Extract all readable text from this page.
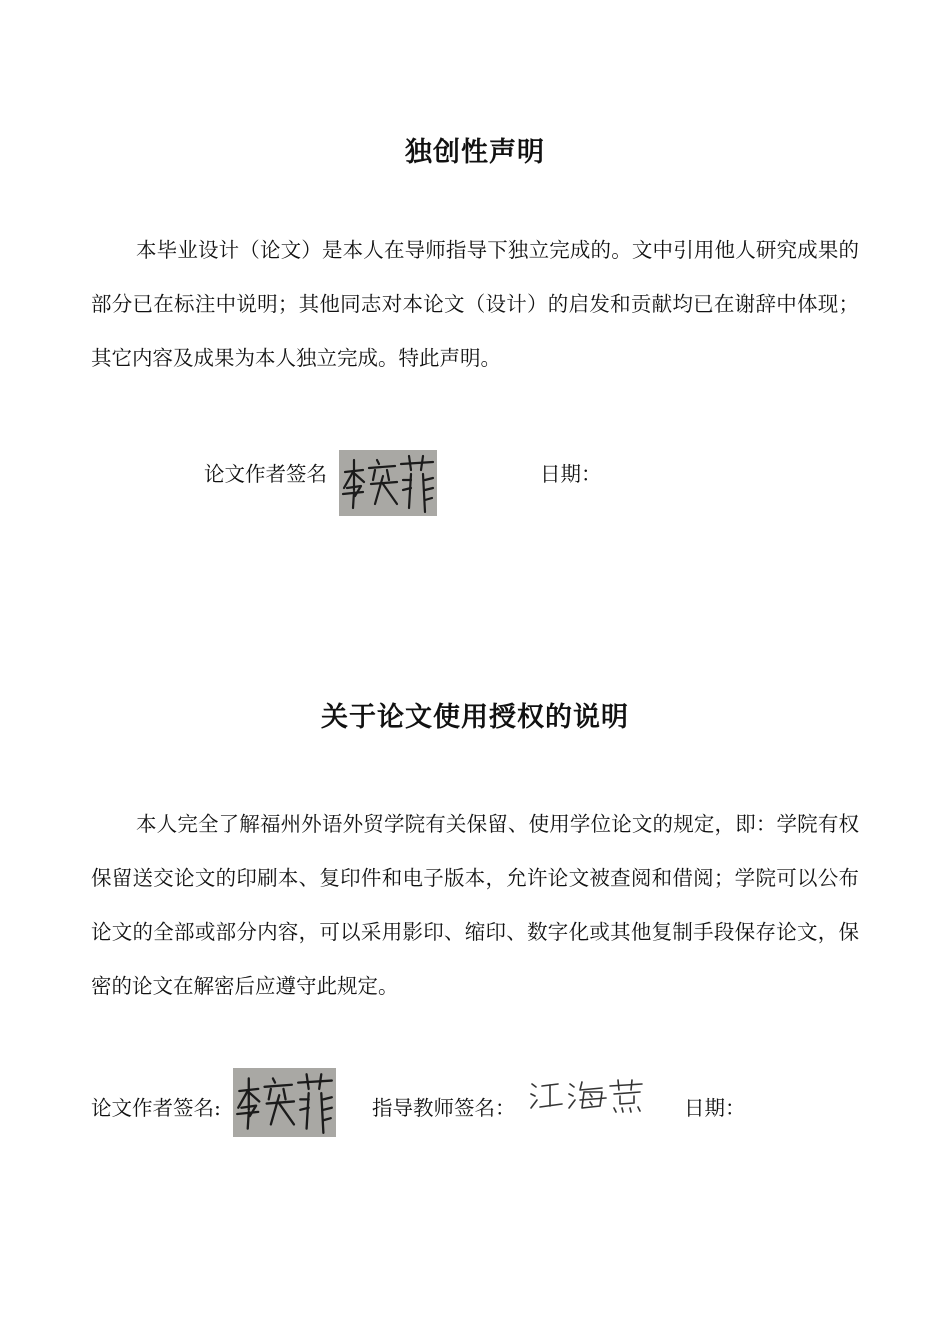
独创性声明

本毕业设计（论文）是本人在导师指导下独立完成的。文中引用他人研究成果的部分已在标注中说明；其他同志对本论文（设计）的启发和贡献均已在谢辞中体现；其它内容及成果为本人独立完成。特此声明。

论文作者签名	日期：
关于论文使用授权的说明

本人完全了解福州外语外贸学院有关保留、使用学位论文的规定，即：学院有权保留送交论文的印刷本、复印件和电子版本，允许论文被查阅和借阅；学院可以公布论文的全部或部分内容，可以采用影印、缩印、数字化或其他复制手段保存论文，保密的论文在解密后应遵守此规定。

论文作者签名:	指导教师签名：	日期：
